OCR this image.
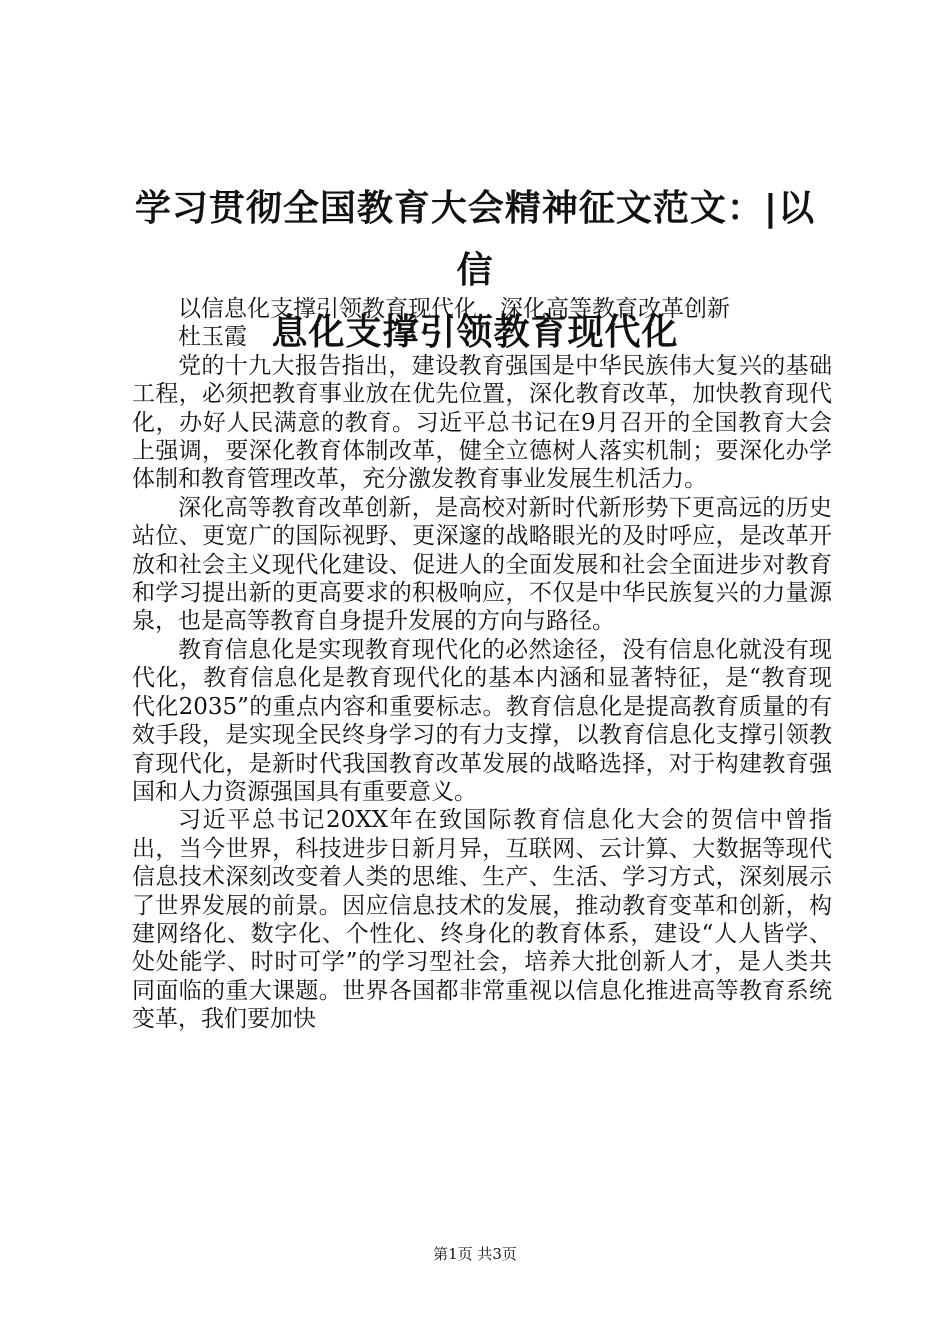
学习贯彻全国教育大会精神征文范文：|以信
息化支撑引领教育现代化

以信息化支撑引领教育现代化，深化高等教育改革创新

杜玉霞

党的十九大报告指出，建设教育强国是中华民族伟大复兴的基础工程，必须把教育事业放在优先位置，深化教育改革，加快教育现代化，办好人民满意的教育。习近平总书记在9月召开的全国教育大会上强调，要深化教育体制改革，健全立德树人落实机制；要深化办学体制和教育管理改革，充分激发教育事业发展生机活力。

深化高等教育改革创新，是高校对新时代新形势下更高远的历史站位、更宽广的国际视野、更深邃的战略眼光的及时呼应，是改革开放和社会主义现代化建设、促进人的全面发展和社会全面进步对教育和学习提出新的更高要求的积极响应，不仅是中华民族复兴的力量源泉，也是高等教育自身提升发展的方向与路径。

教育信息化是实现教育现代化的必然途径，没有信息化就没有现代化，教育信息化是教育现代化的基本内涵和显著特征，是“教育现代化2035”的重点内容和重要标志。教育信息化是提高教育质量的有效手段，是实现全民终身学习的有力支撑，以教育信息化支撑引领教育现代化，是新时代我国教育改革发展的战略选择，对于构建教育强国和人力资源强国具有重要意义。

习近平总书记20XX年在致国际教育信息化大会的贺信中曾指出，当今世界，科技进步日新月异，互联网、云计算、大数据等现代信息技术深刻改变着人类的思维、生产、生活、学习方式，深刻展示了世界发展的前景。因应信息技术的发展，推动教育变革和创新，构建网络化、数字化、个性化、终身化的教育体系，建设“人人皆学、处处能学、时时可学”的学习型社会，培养大批创新人才，是人类共同面临的重大课题。世界各国都非常重视以信息化推进高等教育系统变革，我们要加快

第1页 共3页
